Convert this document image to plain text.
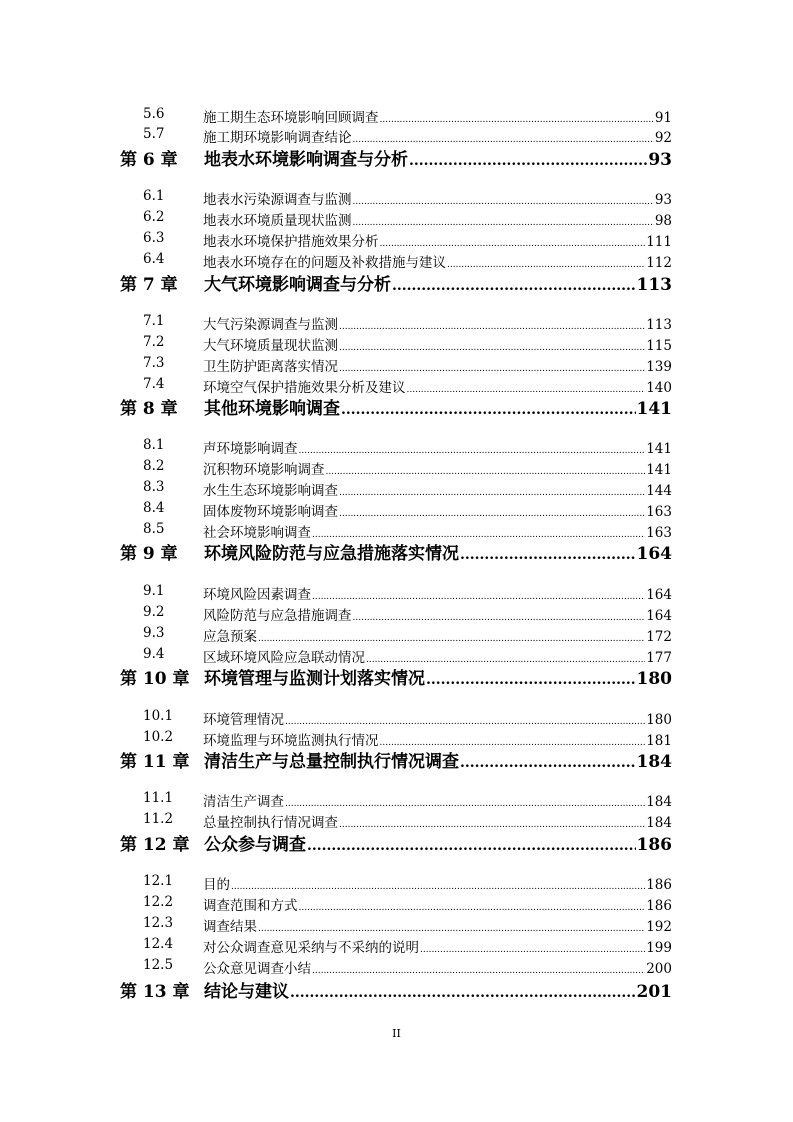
5.6	施工期生态环境影响回顾调查 .....	91
5.7	施工期环境影响调查结论 .....	92
第 6 章	地表水环境影响调查与分析 .....	93
6.1	地表水污染源调查与监测 .....	93
6.2	地表水环境质量现状监测 .....	98
6.3	地表水环境保护措施效果分析 .....	111
6.4	地表水环境存在的问题及补救措施与建议 .....	112
第 7 章	大气环境影响调查与分析 .....	113
7.1	大气污染源调查与监测 .....	113
7.2	大气环境质量现状监测 .....	115
7.3	卫生防护距离落实情况 .....	139
7.4	环境空气保护措施效果分析及建议 .....	140
第 8 章	其他环境影响调查 .....	141
8.1	声环境影响调查 .....	141
8.2	沉积物环境影响调查 .....	141
8.3	水生生态环境影响调查 .....	144
8.4	固体废物环境影响调查 .....	163
8.5	社会环境影响调查 .....	163
第 9 章	环境风险防范与应急措施落实情况 .....	164
9.1	环境风险因素调查 .....	164
9.2	风险防范与应急措施调查 .....	164
9.3	应急预案 .....	172
9.4	区域环境风险应急联动情况 .....	177
第 10 章 环境管理与监测计划落实情况 .....	180
10.1	环境管理情况 .....	180
10.2	环境监理与环境监测执行情况 .....	181
第 11 章 清洁生产与总量控制执行情况调查 .....	184
11.1	清洁生产调查 .....	184
11.2	总量控制执行情况调查 .....	184
第 12 章 公众参与调查 .....	186
12.1	目的 .....	186
12.2	调查范围和方式 .....	186
12.3	调查结果 .....	192
12.4	对公众调查意见采纳与不采纳的说明 .....	199
12.5	公众意见调查小结 .....	200
第 13 章 结论与建议 .....	201
II
